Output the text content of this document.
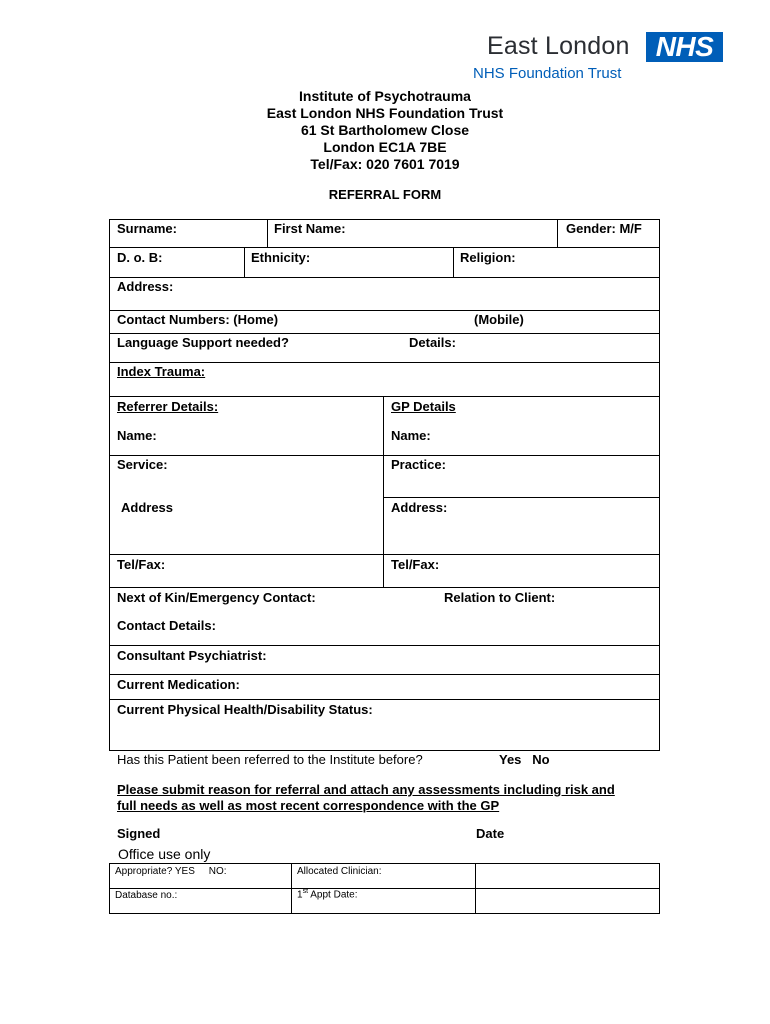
East London NHS
NHS Foundation Trust
Institute of Psychotrauma
East London NHS Foundation Trust
61 St Bartholomew Close
London EC1A 7BE
Tel/Fax: 020 7601 7019
REFERRAL FORM
Surname:	First Name:	Gender: M/F
D. o. B:	Ethnicity:	Religion:
Address:
Contact Numbers: (Home)	(Mobile)
Language Support needed?	Details:
Index Trauma:
Referrer Details:	GP Details
Name:	Name:
Service:	Practice:
Address	Address:
Tel/Fax:	Tel/Fax:
Next of Kin/Emergency Contact:	Relation to Client:
Contact Details:
Consultant Psychiatrist:
Current Medication:
Current Physical Health/Disability Status:
Has this Patient been referred to the Institute before?	Yes   No
Please submit reason for referral and attach any assessments including risk and
full needs as well as most recent correspondence with the GP
Signed	Date
Office use only
Appropriate? YES     NO:	Allocated Clinician:
Database no.:	1st Appt Date:
